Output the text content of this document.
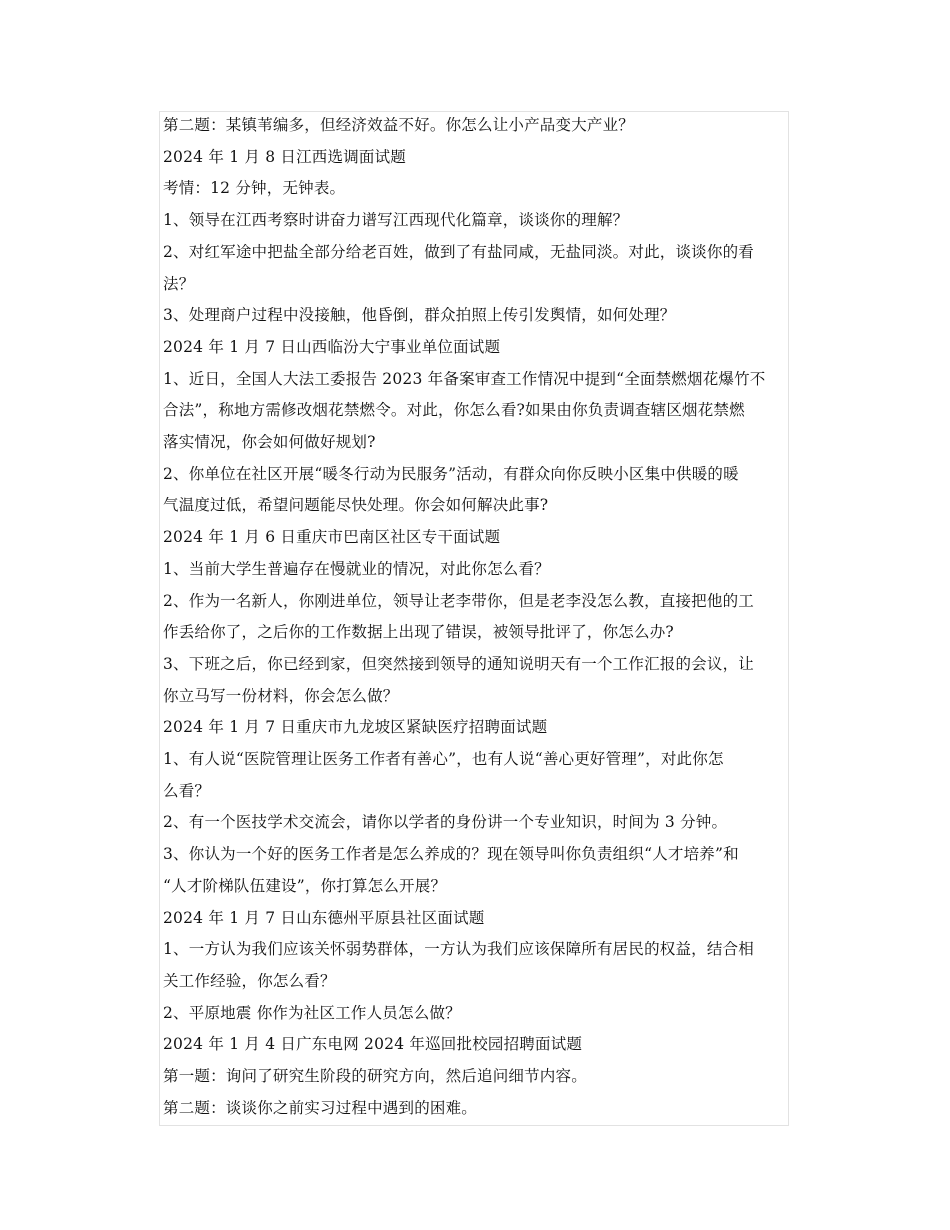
第二题：某镇苇编多，但经济效益不好。你怎么让小产品变大产业？
2024 年 1 月 8 日江西选调面试题
考情：12 分钟，无钟表。
1、领导在江西考察时讲奋力谱写江西现代化篇章，谈谈你的理解？
2、对红军途中把盐全部分给老百姓，做到了有盐同咸，无盐同淡。对此，谈谈你的看
法？
3、处理商户过程中没接触，他昏倒，群众拍照上传引发舆情，如何处理？
2024 年 1 月 7 日山西临汾大宁事业单位面试题
1、近日，全国人大法工委报告 2023 年备案审查工作情况中提到“全面禁燃烟花爆竹不
合法”，称地方需修改烟花禁燃令。对此，你怎么看?如果由你负责调查辖区烟花禁燃
落实情况，你会如何做好规划?
2、你单位在社区开展“暖冬行动为民服务”活动，有群众向你反映小区集中供暖的暖
气温度过低，希望问题能尽快处理。你会如何解决此事?
2024 年 1 月 6 日重庆市巴南区社区专干面试题
1、当前大学生普遍存在慢就业的情况，对此你怎么看？
2、作为一名新人，你刚进单位，领导让老李带你，但是老李没怎么教，直接把他的工
作丢给你了，之后你的工作数据上出现了错误，被领导批评了，你怎么办?
3、下班之后，你已经到家，但突然接到领导的通知说明天有一个工作汇报的会议，让
你立马写一份材料，你会怎么做？
2024 年 1 月 7 日重庆市九龙坡区紧缺医疗招聘面试题
1、有人说“医院管理让医务工作者有善心”，也有人说“善心更好管理”，对此你怎
么看？
2、有一个医技学术交流会，请你以学者的身份讲一个专业知识，时间为 3 分钟。
3、你认为一个好的医务工作者是怎么养成的？现在领导叫你负责组织“人才培养”和
“人才阶梯队伍建设”，你打算怎么开展？
2024 年 1 月 7 日山东德州平原县社区面试题
1、一方认为我们应该关怀弱势群体，一方认为我们应该保障所有居民的权益，结合相
关工作经验，你怎么看？
2、平原地震 你作为社区工作人员怎么做？
2024 年 1 月 4 日广东电网 2024 年巡回批校园招聘面试题
第一题：询问了研究生阶段的研究方向，然后追问细节内容。
第二题：谈谈你之前实习过程中遇到的困难。
